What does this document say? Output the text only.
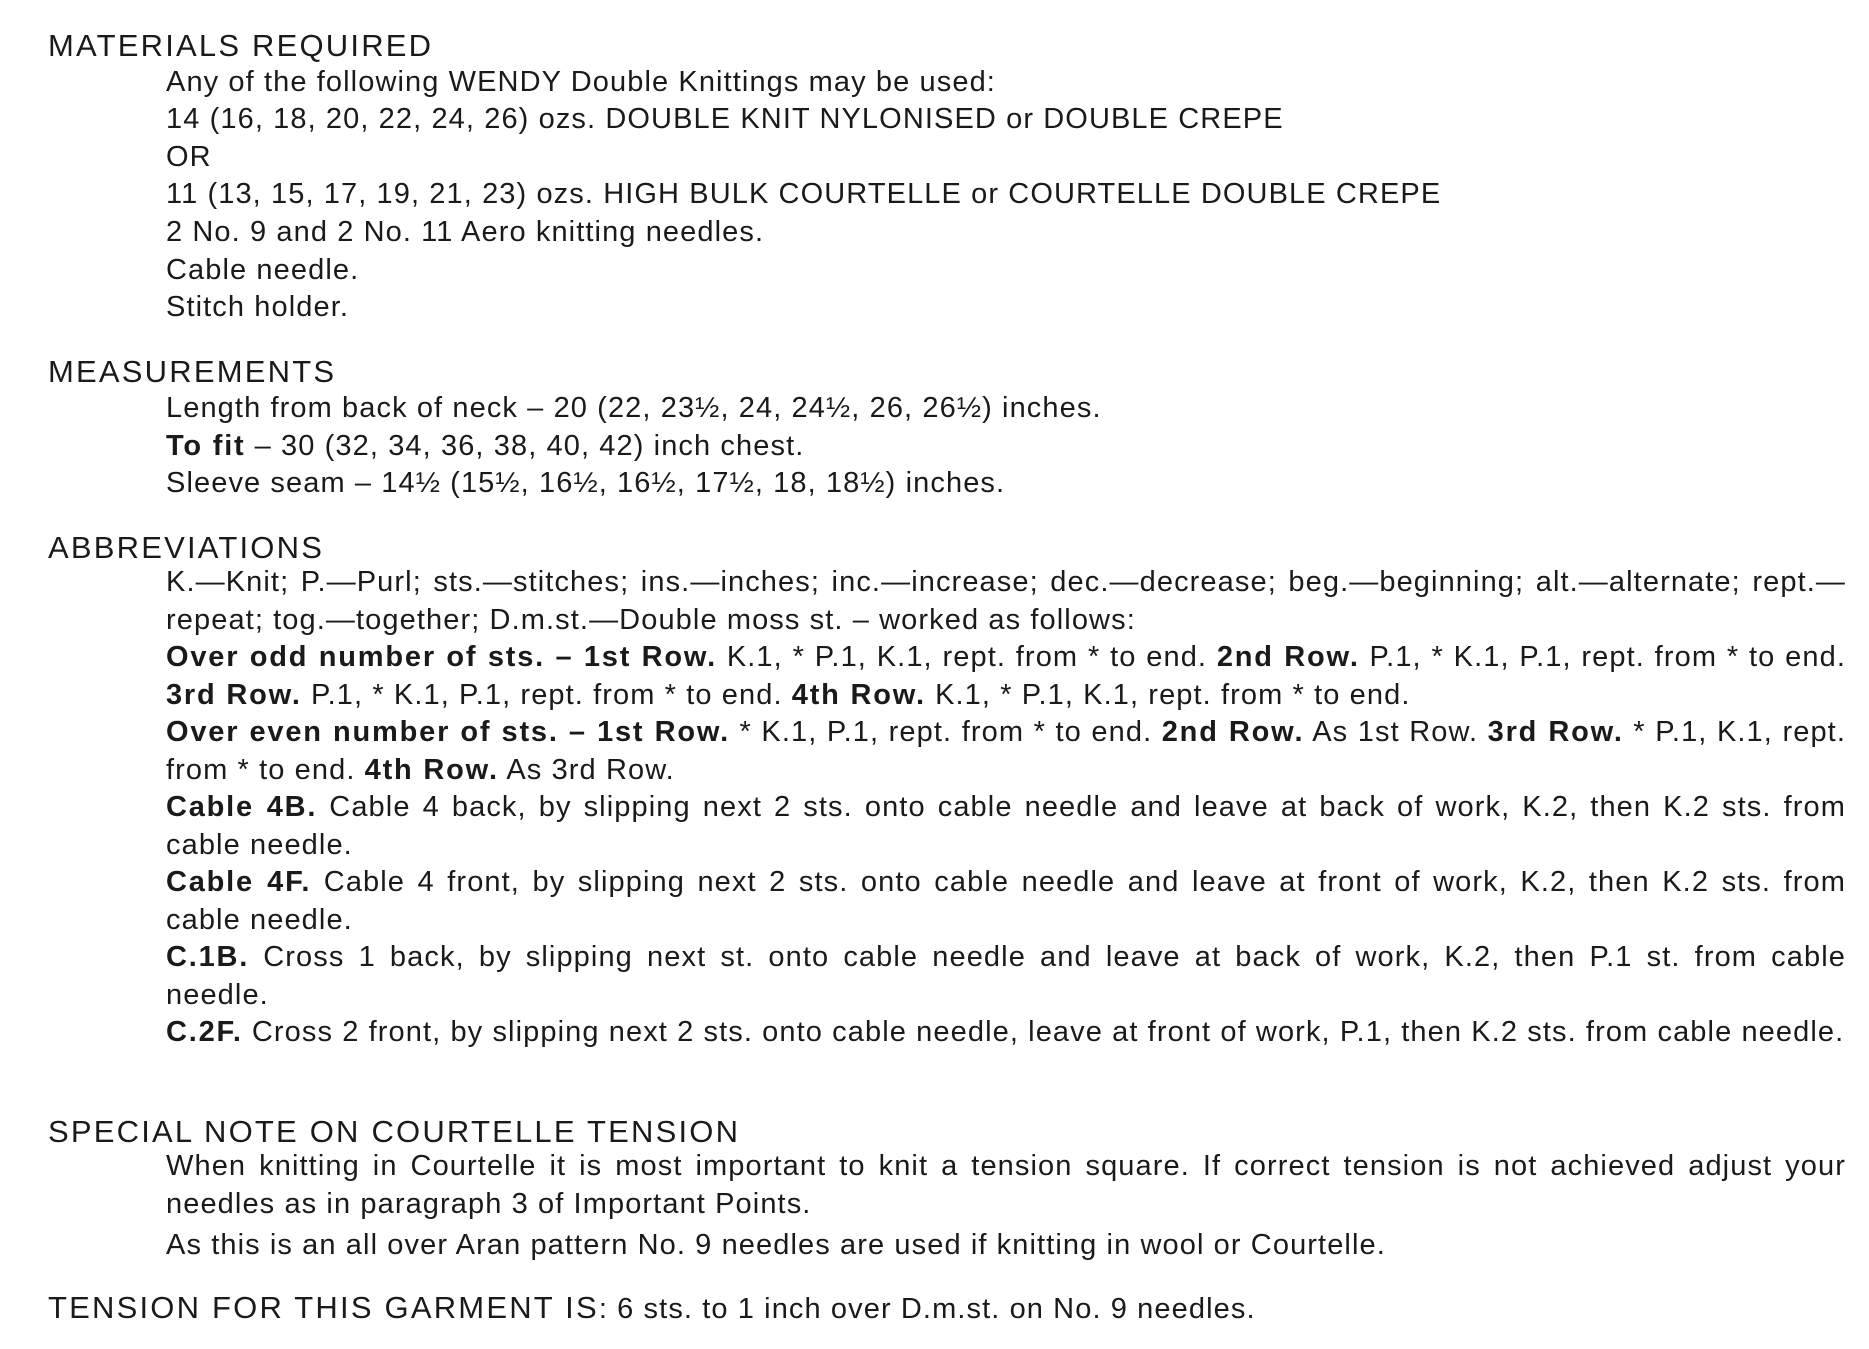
MATERIALS REQUIRED
Any of the following WENDY Double Knittings may be used:
14 (16, 18, 20, 22, 24, 26) ozs. DOUBLE KNIT NYLONISED or DOUBLE CREPE
OR
11 (13, 15, 17, 19, 21, 23) ozs. HIGH BULK COURTELLE or COURTELLE DOUBLE CREPE
2 No. 9 and 2 No. 11 Aero knitting needles.
Cable needle.
Stitch holder.
MEASUREMENTS
Length from back of neck – 20 (22, 23½, 24, 24½, 26, 26½) inches.
To fit – 30 (32, 34, 36, 38, 40, 42) inch chest.
Sleeve seam – 14½ (15½, 16½, 16½, 17½, 18, 18½) inches.
ABBREVIATIONS
K.—Knit; P.—Purl; sts.—stitches; ins.—inches; inc.—increase; dec.—decrease; beg.—beginning; alt.—alternate; rept.—repeat; tog.—together; D.m.st.—Double moss st. – worked as follows:
Over odd number of sts. – 1st Row. K.1, * P.1, K.1, rept. from * to end. 2nd Row. P.1, * K.1, P.1, rept. from * to end. 3rd Row. P.1, * K.1, P.1, rept. from * to end. 4th Row. K.1, * P.1, K.1, rept. from * to end.
Over even number of sts. – 1st Row. * K.1, P.1, rept. from * to end. 2nd Row. As 1st Row. 3rd Row. * P.1, K.1, rept. from * to end. 4th Row. As 3rd Row.
Cable 4B. Cable 4 back, by slipping next 2 sts. onto cable needle and leave at back of work, K.2, then K.2 sts. from cable needle.
Cable 4F. Cable 4 front, by slipping next 2 sts. onto cable needle and leave at front of work, K.2, then K.2 sts. from cable needle.
C.1B. Cross 1 back, by slipping next st. onto cable needle and leave at back of work, K.2, then P.1 st. from cable needle.
C.2F. Cross 2 front, by slipping next 2 sts. onto cable needle, leave at front of work, P.1, then K.2 sts. from cable needle.
SPECIAL NOTE ON COURTELLE TENSION
When knitting in Courtelle it is most important to knit a tension square. If correct tension is not achieved adjust your needles as in paragraph 3 of Important Points.
As this is an all over Aran pattern No. 9 needles are used if knitting in wool or Courtelle.
TENSION FOR THIS GARMENT IS: 6 sts. to 1 inch over D.m.st. on No. 9 needles.
